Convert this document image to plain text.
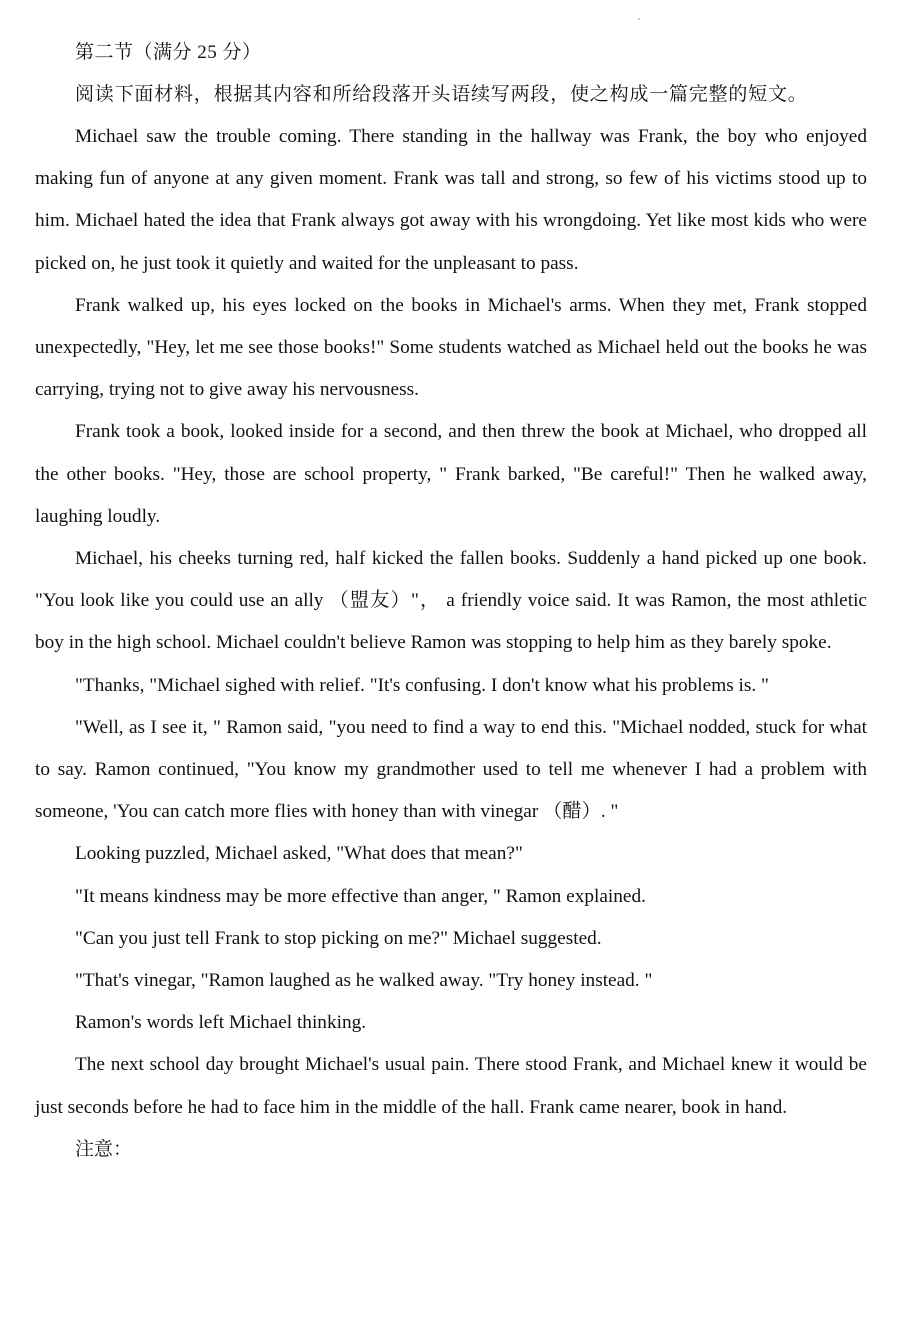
第二节（满分 25 分）

阅读下面材料，根据其内容和所给段落开头语续写两段，使之构成一篇完整的短文。

Michael saw the trouble coming. There standing in the hallway was Frank, the boy who enjoyed making fun of anyone at any given moment. Frank was tall and strong, so few of his victims stood up to him. Michael hated the idea that Frank always got away with his wrongdoing. Yet like most kids who were picked on, he just took it quietly and waited for the unpleasant to pass.

Frank walked up, his eyes locked on the books in Michael's arms. When they met, Frank stopped unexpectedly, "Hey, let me see those books!" Some students watched as Michael held out the books he was carrying, trying not to give away his nervousness.

Frank took a book, looked inside for a second, and then threw the book at Michael, who dropped all the other books. "Hey, those are school property, " Frank barked, "Be careful!" Then he walked away, laughing loudly.

Michael, his cheeks turning red, half kicked the fallen books. Suddenly a hand picked up one book. "You look like you could use an ally （盟友）"， a friendly voice said. It was Ramon, the most athletic boy in the high school. Michael couldn't believe Ramon was stopping to help him as they barely spoke.

"Thanks, "Michael sighed with relief. "It's confusing. I don't know what his problems is. "

"Well, as I see it, " Ramon said, "you need to find a way to end this. "Michael nodded, stuck for what to say. Ramon continued, "You know my grandmother used to tell me whenever I had a problem with someone, 'You can catch more flies with honey than with vinegar （醋）. "

Looking puzzled, Michael asked, "What does that mean?"

"It means kindness may be more effective than anger, " Ramon explained.

"Can you just tell Frank to stop picking on me?" Michael suggested.

"That's vinegar, "Ramon laughed as he walked away. "Try honey instead. "

Ramon's words left Michael thinking.

The next school day brought Michael's usual pain. There stood Frank, and Michael knew it would be just seconds before he had to face him in the middle of the hall. Frank came nearer, book in hand.

注意：
